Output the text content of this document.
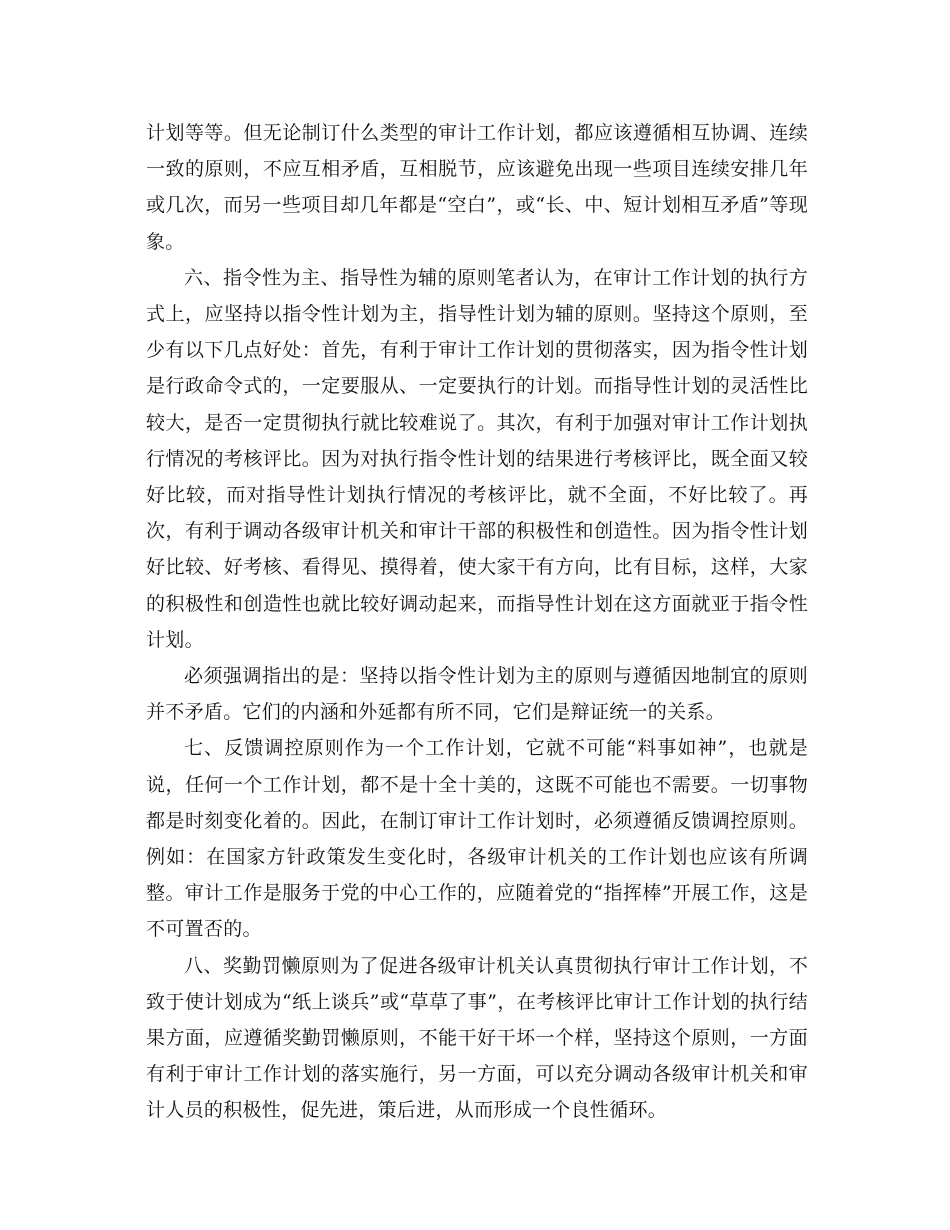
计划等等。但无论制订什么类型的审计工作计划，都应该遵循相互协调、连续一致的原则，不应互相矛盾，互相脱节，应该避免出现一些项目连续安排几年或几次，而另一些项目却几年都是“空白”，或“长、中、短计划相互矛盾”等现象。

六、指令性为主、指导性为辅的原则笔者认为，在审计工作计划的执行方式上，应坚持以指令性计划为主，指导性计划为辅的原则。坚持这个原则，至少有以下几点好处：首先，有利于审计工作计划的贯彻落实，因为指令性计划是行政命令式的，一定要服从、一定要执行的计划。而指导性计划的灵活性比较大，是否一定贯彻执行就比较难说了。其次，有利于加强对审计工作计划执行情况的考核评比。因为对执行指令性计划的结果进行考核评比，既全面又较好比较，而对指导性计划执行情况的考核评比，就不全面，不好比较了。再次，有利于调动各级审计机关和审计干部的积极性和创造性。因为指令性计划好比较、好考核、看得见、摸得着，使大家干有方向，比有目标，这样，大家的积极性和创造性也就比较好调动起来，而指导性计划在这方面就亚于指令性计划。

必须强调指出的是：坚持以指令性计划为主的原则与遵循因地制宜的原则并不矛盾。它们的内涵和外延都有所不同，它们是辩证统一的关系。

七、反馈调控原则作为一个工作计划，它就不可能“料事如神”，也就是说，任何一个工作计划，都不是十全十美的，这既不可能也不需要。一切事物都是时刻变化着的。因此，在制订审计工作计划时，必须遵循反馈调控原则。例如：在国家方针政策发生变化时，各级审计机关的工作计划也应该有所调整。审计工作是服务于党的中心工作的，应随着党的“指挥棒”开展工作，这是不可置否的。

八、奖勤罚懒原则为了促进各级审计机关认真贯彻执行审计工作计划，不致于使计划成为“纸上谈兵”或“草草了事”，在考核评比审计工作计划的执行结果方面，应遵循奖勤罚懒原则，不能干好干坏一个样，坚持这个原则，一方面有利于审计工作计划的落实施行，另一方面，可以充分调动各级审计机关和审计人员的积极性，促先进，策后进，从而形成一个良性循环。
